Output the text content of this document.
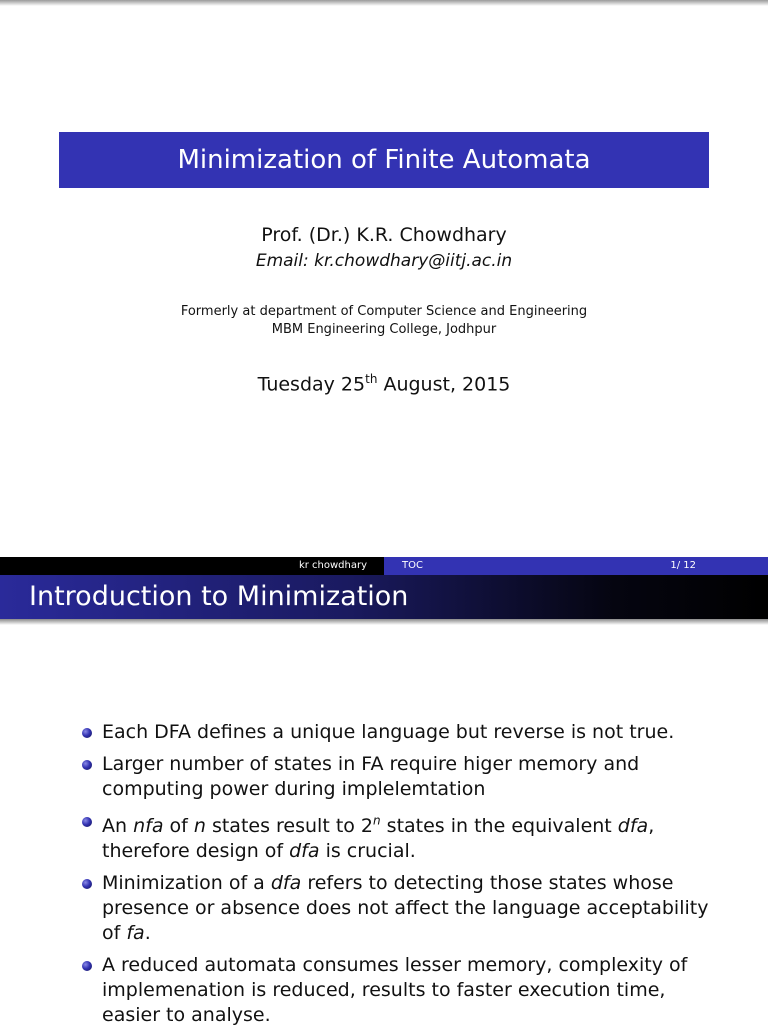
Minimization of Finite Automata
Prof. (Dr.) K.R. Chowdhary
Email: kr.chowdhary@iitj.ac.in
Formerly at department of Computer Science and Engineering
MBM Engineering College, Jodhpur
Tuesday 25th August, 2015
kr chowdhary	TOC	1/ 12
Introduction to Minimization
Each DFA defines a unique language but reverse is not true.
Larger number of states in FA require higer memory and computing power during implelemtation
An nfa of n states result to 2$^n$ states in the equivalent dfa, therefore design of dfa is crucial.
Minimization of a dfa refers to detecting those states whose presence or absence does not affect the language acceptability of fa.
A reduced automata consumes lesser memory, complexity of implemenation is reduced, results to faster execution time, easier to analyse.
